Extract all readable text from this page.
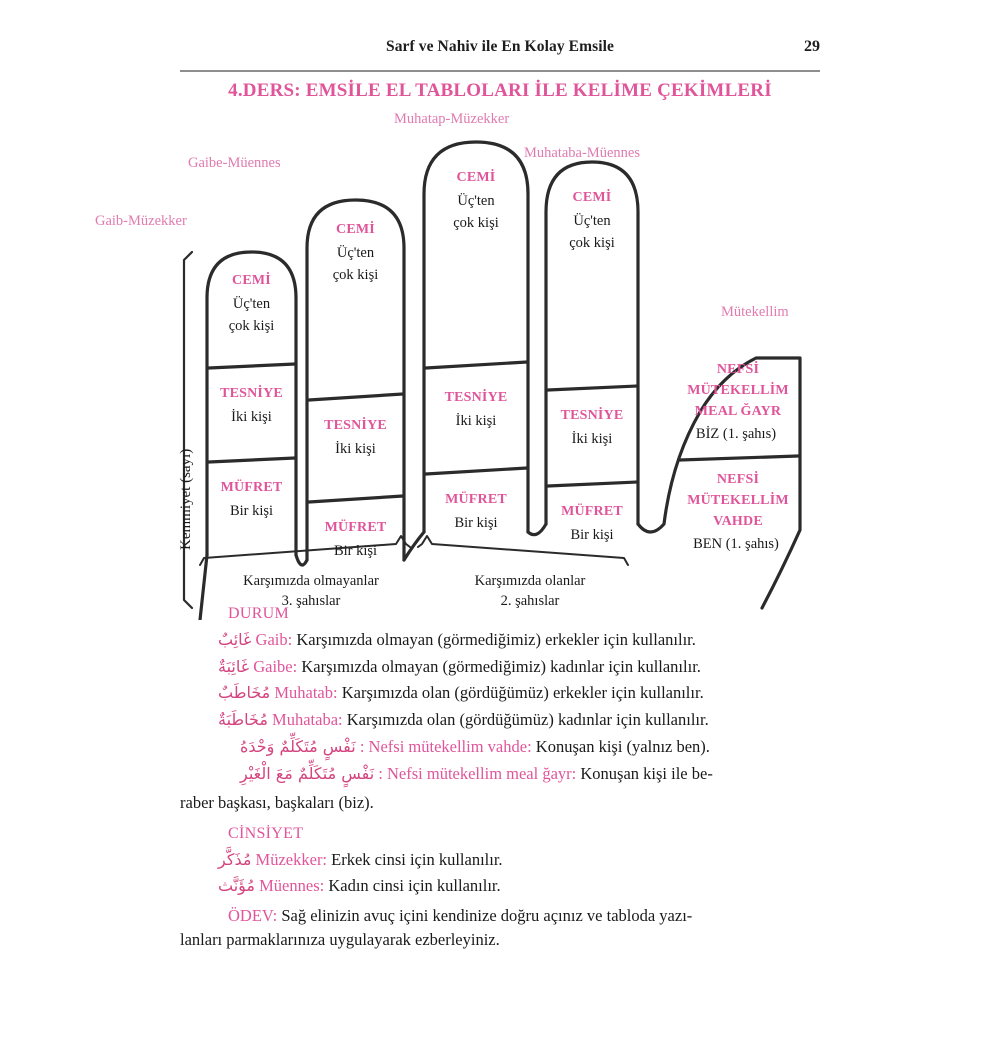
Sarf ve Nahiv ile En Kolay Emsile	29
4.DERS: EMSİLE EL TABLOLARI İLE KELİME ÇEKİMLERİ
Kemmiyet (sayı)
Gaib-Müzekker
Gaibe-Müennes
Muhatap-Müzekker
Muhataba-Müennes
Mütekellim
CEMİ
Üç'ten
çok kişi
TESNİYE
İki kişi
MÜFRET
Bir kişi
CEMİ
Üç'ten
çok kişi
TESNİYE
İki kişi
MÜFRET
Bir kişi
CEMİ
Üç'ten
çok kişi
TESNİYE
İki kişi
MÜFRET
Bir kişi
CEMİ
Üç'ten
çok kişi
TESNİYE
İki kişi
MÜFRET
Bir kişi
NEFSİ
MÜTEKELLİM
MEAL ĞAYR
BİZ (1. şahıs)
NEFSİ
MÜTEKELLİM
VAHDE
BEN (1. şahıs)
Karşımızda olmayanlar
3. şahıslar
Karşımızda olanlar
2. şahıslar
DURUM

غَائِبٌ Gaib: Karşımızda olmayan (görmediğimiz) erkekler için kullanılır.

غَائِبَةٌ Gaibe: Karşımızda olmayan (görmediğimiz) kadınlar için kullanılır.

مُخَاطَبٌ Muhatab: Karşımızda olan (gördüğümüz) erkekler için kullanılır.

مُخَاطَبَةٌ Muhataba: Karşımızda olan (gördüğümüz) kadınlar için kullanılır.

نَفْسٍ مُتَكَلِّمٌ وَحْدَهُ : Nefsi mütekellim vahde: Konuşan kişi (yalnız ben).

نَفْسٍ مُتَكَلِّمٌ مَعَ الْغَيْرِ : Nefsi mütekellim meal ğayr: Konuşan kişi ile be-

raber başkası, başkaları (biz).

CİNSİYET

مُذَكَّر Müzekker: Erkek cinsi için kullanılır.

مُؤَنَّث Müennes: Kadın cinsi için kullanılır.

ÖDEV: Sağ elinizin avuç içini kendinize doğru açınız ve tabloda yazı-
lanları parmaklarınıza uygulayarak ezberleyiniz.
